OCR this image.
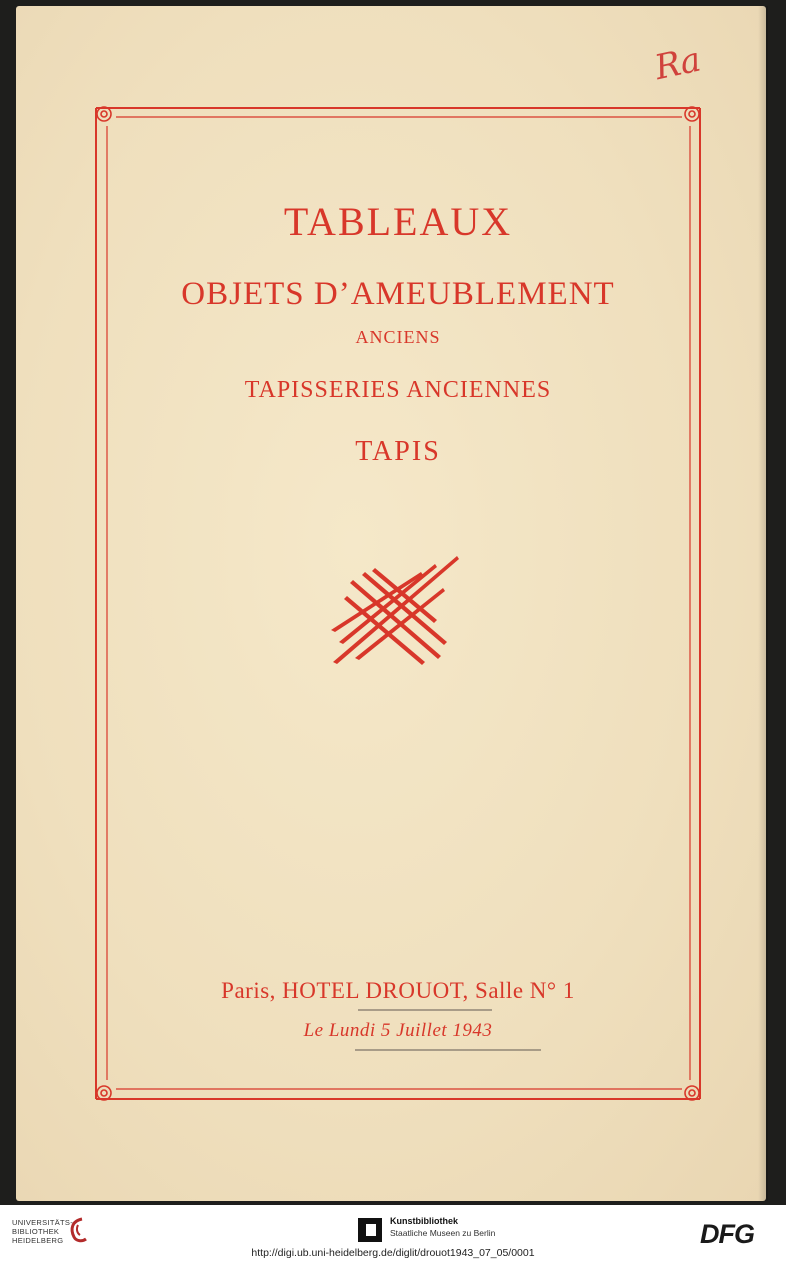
Ra
TABLEAUX
OBJETS D’AMEUBLEMENT
ANCIENS
TAPISSERIES ANCIENNES
TAPIS
Paris, HOTEL DROUOT, Salle N° 1
Le Lundi 5 Juillet 1943
UNIVERSITÄTS-
BIBLIOTHEK
HEIDELBERG
Kunstbibliothek
Staatliche Museen zu Berlin	DFG
http://digi.ub.uni-heidelberg.de/diglit/drouot1943_07_05/0001
